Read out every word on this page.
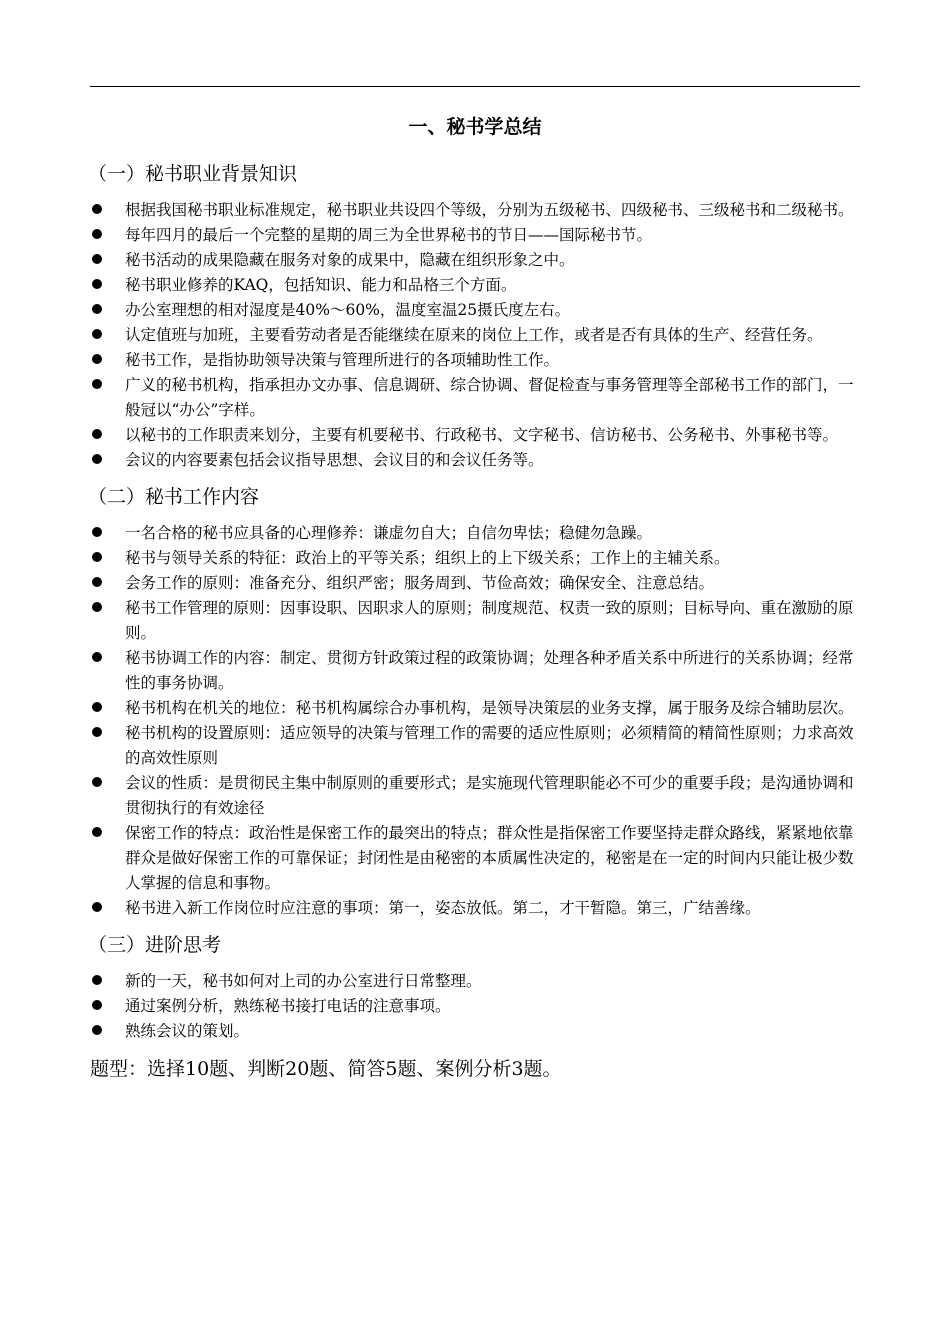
一、秘书学总结
（一）秘书职业背景知识
根据我国秘书职业标准规定，秘书职业共设四个等级，分别为五级秘书、四级秘书、三级秘书和二级秘书。
每年四月的最后一个完整的星期的周三为全世界秘书的节日——国际秘书节。
秘书活动的成果隐藏在服务对象的成果中，隐藏在组织形象之中。
秘书职业修养的KAQ，包括知识、能力和品格三个方面。
办公室理想的相对湿度是40%～60%，温度室温25摄氏度左右。
认定值班与加班，主要看劳动者是否能继续在原来的岗位上工作，或者是否有具体的生产、经营任务。
秘书工作，是指协助领导决策与管理所进行的各项辅助性工作。
广义的秘书机构，指承担办文办事、信息调研、综合协调、督促检查与事务管理等全部秘书工作的部门，一般冠以“办公”字样。
以秘书的工作职责来划分，主要有机要秘书、行政秘书、文字秘书、信访秘书、公务秘书、外事秘书等。
会议的内容要素包括会议指导思想、会议目的和会议任务等。
（二）秘书工作内容
一名合格的秘书应具备的心理修养：谦虚勿自大；自信勿卑怯；稳健勿急躁。
秘书与领导关系的特征：政治上的平等关系；组织上的上下级关系；工作上的主辅关系。
会务工作的原则：准备充分、组织严密；服务周到、节俭高效；确保安全、注意总结。
秘书工作管理的原则：因事设职、因职求人的原则；制度规范、权责一致的原则；目标导向、重在激励的原则。
秘书协调工作的内容：制定、贯彻方针政策过程的政策协调；处理各种矛盾关系中所进行的关系协调；经常性的事务协调。
秘书机构在机关的地位：秘书机构属综合办事机构，是领导决策层的业务支撑，属于服务及综合辅助层次。
秘书机构的设置原则：适应领导的决策与管理工作的需要的适应性原则；必须精简的精简性原则；力求高效的高效性原则
会议的性质：是贯彻民主集中制原则的重要形式；是实施现代管理职能必不可少的重要手段；是沟通协调和贯彻执行的有效途径
保密工作的特点：政治性是保密工作的最突出的特点；群众性是指保密工作要坚持走群众路线，紧紧地依靠群众是做好保密工作的可靠保证；封闭性是由秘密的本质属性决定的，秘密是在一定的时间内只能让极少数人掌握的信息和事物。
秘书进入新工作岗位时应注意的事项：第一，姿态放低。第二，才干暂隐。第三，广结善缘。
（三）进阶思考
新的一天，秘书如何对上司的办公室进行日常整理。
通过案例分析，熟练秘书接打电话的注意事项。
熟练会议的策划。
题型：选择10题、判断20题、简答5题、案例分析3题。
